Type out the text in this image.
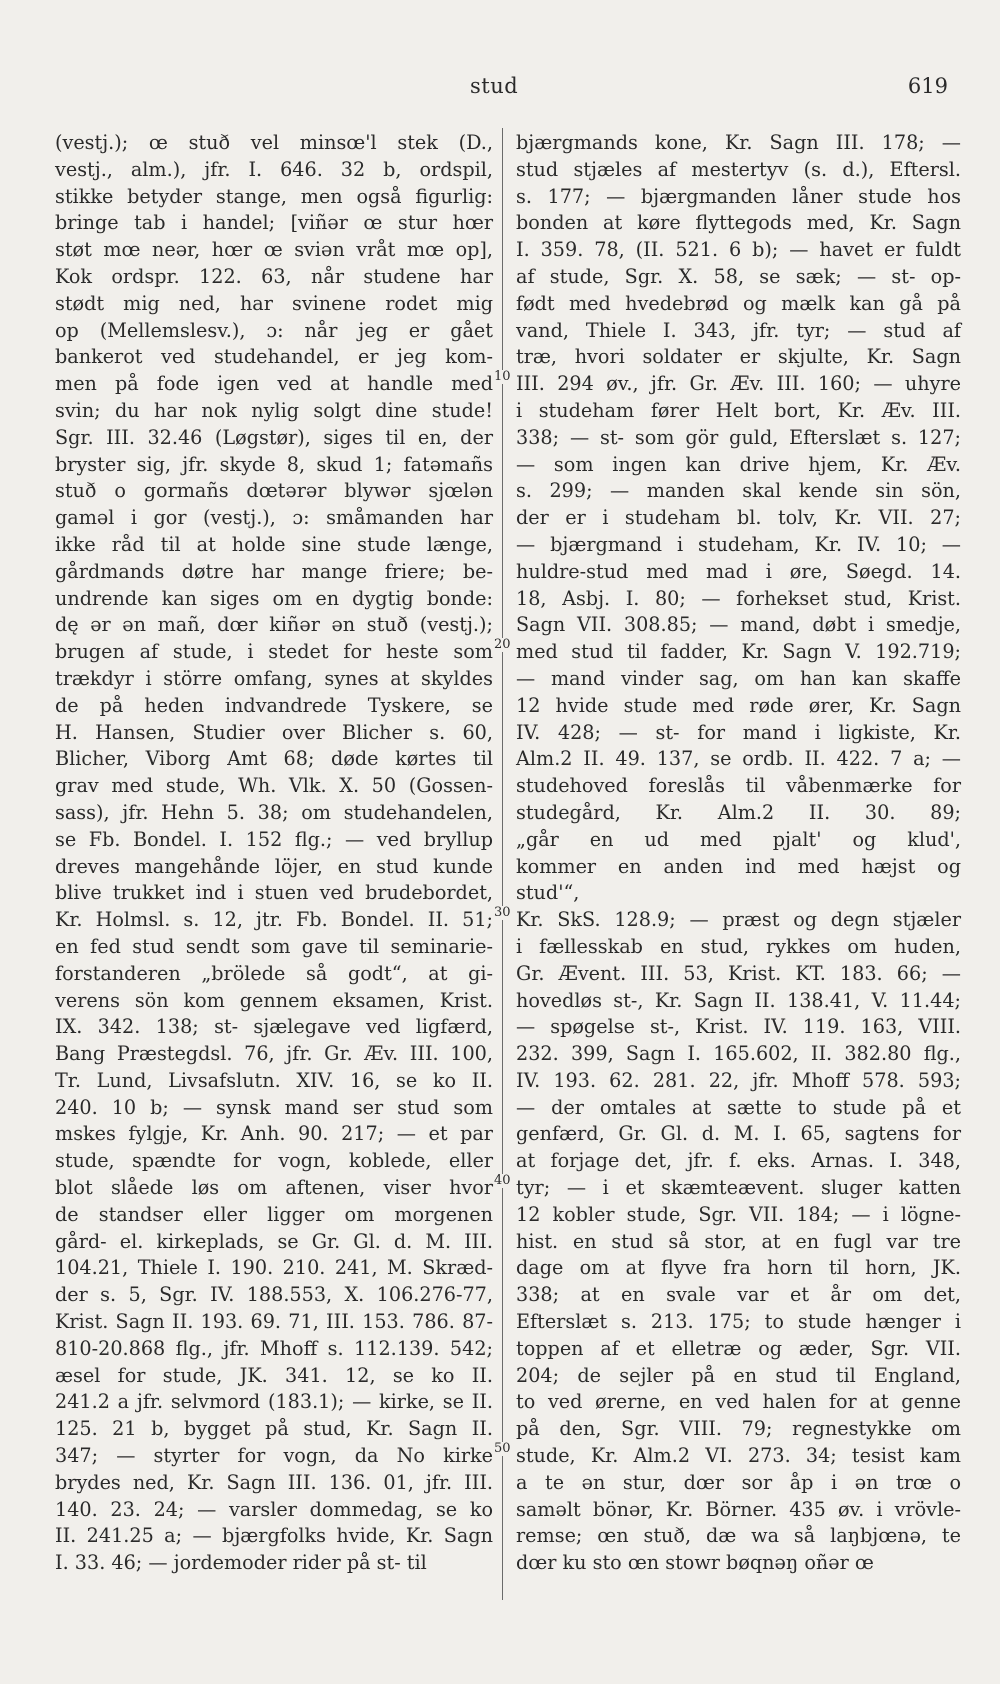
stud	619
10
20
30
40
50
(vestj.); œ stuð vel minsœ'l stek (D.,
vestj., alm.), jfr. I. 646. 32 b, ordspil,
stikke betyder stange, men også figurlig:
bringe tab i handel; [viñər œ stur hœr
støt mœ neər, hœr œ sviən vråt mœ op],
Kok ordspr. 122. 63, når studene har
stødt mig ned, har svinene rodet mig
op (Mellemslesv.), ɔ: når jeg er gået
bankerot ved studehandel, er jeg kom-
men på fode igen ved at handle med
svin; du har nok nylig solgt dine stude!
Sgr. III. 32.46 (Løgstør), siges til en, der
bryster sig, jfr. skyde 8, skud 1; fatəmañs
stuð o gormañs dœtərər blywər sjœlən
gaməl i gor (vestj.), ɔ: småmanden har
ikke råd til at holde sine stude længe,
gårdmands døtre har mange friere; be-
undrende kan siges om en dygtig bonde:
dę ər ən mañ, dœr kiñər ən stuð (vestj.);
brugen af stude, i stedet for heste som
trækdyr i större omfang, synes at skyldes
de på heden indvandrede Tyskere, se
H. Hansen, Studier over Blicher s. 60,
Blicher, Viborg Amt 68; døde kørtes til
grav med stude, Wh. Vlk. X. 50 (Gossen-
sass), jfr. Hehn 5. 38; om studehandelen,
se Fb. Bondel. I. 152 flg.; — ved bryllup
dreves mangehånde löjer, en stud kunde
blive trukket ind i stuen ved brudebordet,
Kr. Holmsl. s. 12, jtr. Fb. Bondel. II. 51;
en fed stud sendt som gave til seminarie-
forstanderen „brölede så godt“, at gi-
verens sön kom gennem eksamen, Krist.
IX. 342. 138; st- sjælegave ved ligfærd,
Bang Præstegdsl. 76, jfr. Gr. Æv. III. 100,
Tr. Lund, Livsafslutn. XIV. 16, se ko II.
240. 10 b; — synsk mand ser stud som
mskes fylgje, Kr. Anh. 90. 217; — et par
stude, spændte for vogn, koblede, eller
blot slåede løs om aftenen, viser hvor
de standser eller ligger om morgenen
gård- el. kirkeplads, se Gr. Gl. d. M. III.
104.21, Thiele I. 190. 210. 241, M. Skræd-
der s. 5, Sgr. IV. 188.553, X. 106.276-77,
Krist. Sagn II. 193. 69. 71, III. 153. 786. 87-
810-20.868 flg., jfr. Mhoff s. 112.139. 542;
æsel for stude, JK. 341. 12, se ko II.
241.2 a jfr. selvmord (183.1); — kirke, se II.
125. 21 b, bygget på stud, Kr. Sagn II.
347; — styrter for vogn, da No kirke
brydes ned, Kr. Sagn III. 136. 01, jfr. III.
140. 23. 24; — varsler dommedag, se ko
II. 241.25 a; — bjærgfolks hvide, Kr. Sagn
I. 33. 46; — jordemoder rider på st- til
bjærgmands kone, Kr. Sagn III. 178; —
stud stjæles af mestertyv (s. d.), Eftersl.
s. 177; — bjærgmanden låner stude hos
bonden at køre flyttegods med, Kr. Sagn
I. 359. 78, (II. 521. 6 b); — havet er fuldt
af stude, Sgr. X. 58, se sæk; — st- op-
født med hvedebrød og mælk kan gå på
vand, Thiele I. 343, jfr. tyr; — stud af
træ, hvori soldater er skjulte, Kr. Sagn
III. 294 øv., jfr. Gr. Æv. III. 160; — uhyre
i studeham fører Helt bort, Kr. Æv. III.
338; — st- som gör guld, Efterslæt s. 127;
— som ingen kan drive hjem, Kr. Æv.
s. 299; — manden skal kende sin sön,
der er i studeham bl. tolv, Kr. VII. 27;
— bjærgmand i studeham, Kr. IV. 10; —
huldre-stud med mad i øre, Søegd. 14.
18, Asbj. I. 80; — forhekset stud, Krist.
Sagn VII. 308.85; — mand, døbt i smedje,
med stud til fadder, Kr. Sagn V. 192.719;
— mand vinder sag, om han kan skaffe
12 hvide stude med røde ører, Kr. Sagn
IV. 428; — st- for mand i ligkiste, Kr.
Alm.2 II. 49. 137, se ordb. II. 422. 7 a; —
studehoved foreslås til våbenmærke for
studegård, Kr. Alm.2 II. 30. 89;
„går en ud med pjalt' og klud',
kommer en anden ind med hæjst og
stud'“,
Kr. SkS. 128.9; — præst og degn stjæler
i fællesskab en stud, rykkes om huden,
Gr. Ævent. III. 53, Krist. KT. 183. 66; —
hovedløs st-, Kr. Sagn II. 138.41, V. 11.44;
— spøgelse st-, Krist. IV. 119. 163, VIII.
232. 399, Sagn I. 165.602, II. 382.80 flg.,
IV. 193. 62. 281. 22, jfr. Mhoff 578. 593;
— der omtales at sætte to stude på et
genfærd, Gr. Gl. d. M. I. 65, sagtens for
at forjage det, jfr. f. eks. Arnas. I. 348,
tyr; — i et skæmteævent. sluger katten
12 kobler stude, Sgr. VII. 184; — i lögne-
hist. en stud så stor, at en fugl var tre
dage om at flyve fra horn til horn, JK.
338; at en svale var et år om det,
Efterslæt s. 213. 175; to stude hænger i
toppen af et elletræ og æder, Sgr. VII.
204; de sejler på en stud til England,
to ved ørerne, en ved halen for at genne
på den, Sgr. VIII. 79; regnestykke om
stude, Kr. Alm.2 VI. 273. 34; tesist kam
a te ən stur, dœr sor åp i ən trœ o
saməlt bönər, Kr. Börner. 435 øv. i vrövle-
remse; œn stuð, dæ wa så laŋbjœnə, te
dœr ku sto œn stowr bøqnəŋ oñər œ
